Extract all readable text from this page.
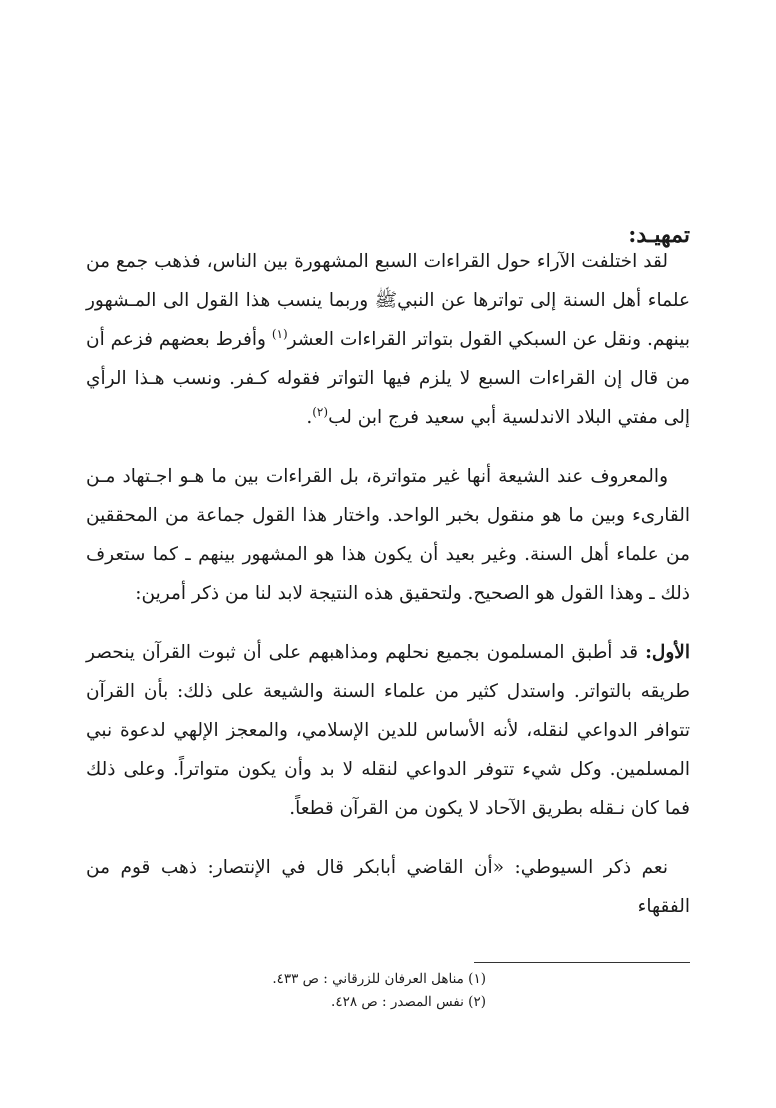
تمهيـد:

لقد اختلفت الآراء حول القراءات السبع المشهورة بين الناس، فذهب جمع من علماء أهل السنة إلى تواترها عن النبيﷺ وربما ينسب هذا القول الى المـشهور بينهم. ونقل عن السبكي القول بتواتر القراءات العشر$^{(١)}$ وأفرط بعضهم فزعم أن من قال إن القراءات السبع لا يلزم فيها التواتر فقوله كـفر. ونسب هـذا الرأي إلى مفتي البلاد الاندلسية أبي سعيد فرج ابن لب$^{(٢)}$.

والمعروف عند الشيعة أنها غير متواترة، بل القراءات بين ما هـو اجـتهاد مـن القارىء وبين ما هو منقول بخبر الواحد. واختار هذا القول جماعة من المحققين من علماء أهل السنة. وغير بعيد أن يكون هذا هو المشهور بينهم ـ كما ستعرف ذلك ـ وهذا القول هو الصحيح. ولتحقيق هذه النتيجة لابد لنا من ذكر أمرين:

الأول: قد أطبق المسلمون بجميع نحلهم ومذاهبهم على أن ثبوت القرآن ينحصر طريقه بالتواتر. واستدل كثير من علماء السنة والشيعة على ذلك: بأن القرآن تتوافر الدواعي لنقله، لأنه الأساس للدين الإسلامي، والمعجز الإلهي لدعوة نبي المسلمين. وكل شيء تتوفر الدواعي لنقله لا بد وأن يكون متواتراً. وعلى ذلك فما كان نـقله بطريق الآحاد لا يكون من القرآن قطعاً.

نعم ذكر السيوطي: «أن القاضي أبابكر قال في الإنتصار: ذهب قوم من الفقهاء

(١) مناهل العرفان للزرقاني : ص ٤٣٣.
(٢) نفس المصدر : ص ٤٢٨.
